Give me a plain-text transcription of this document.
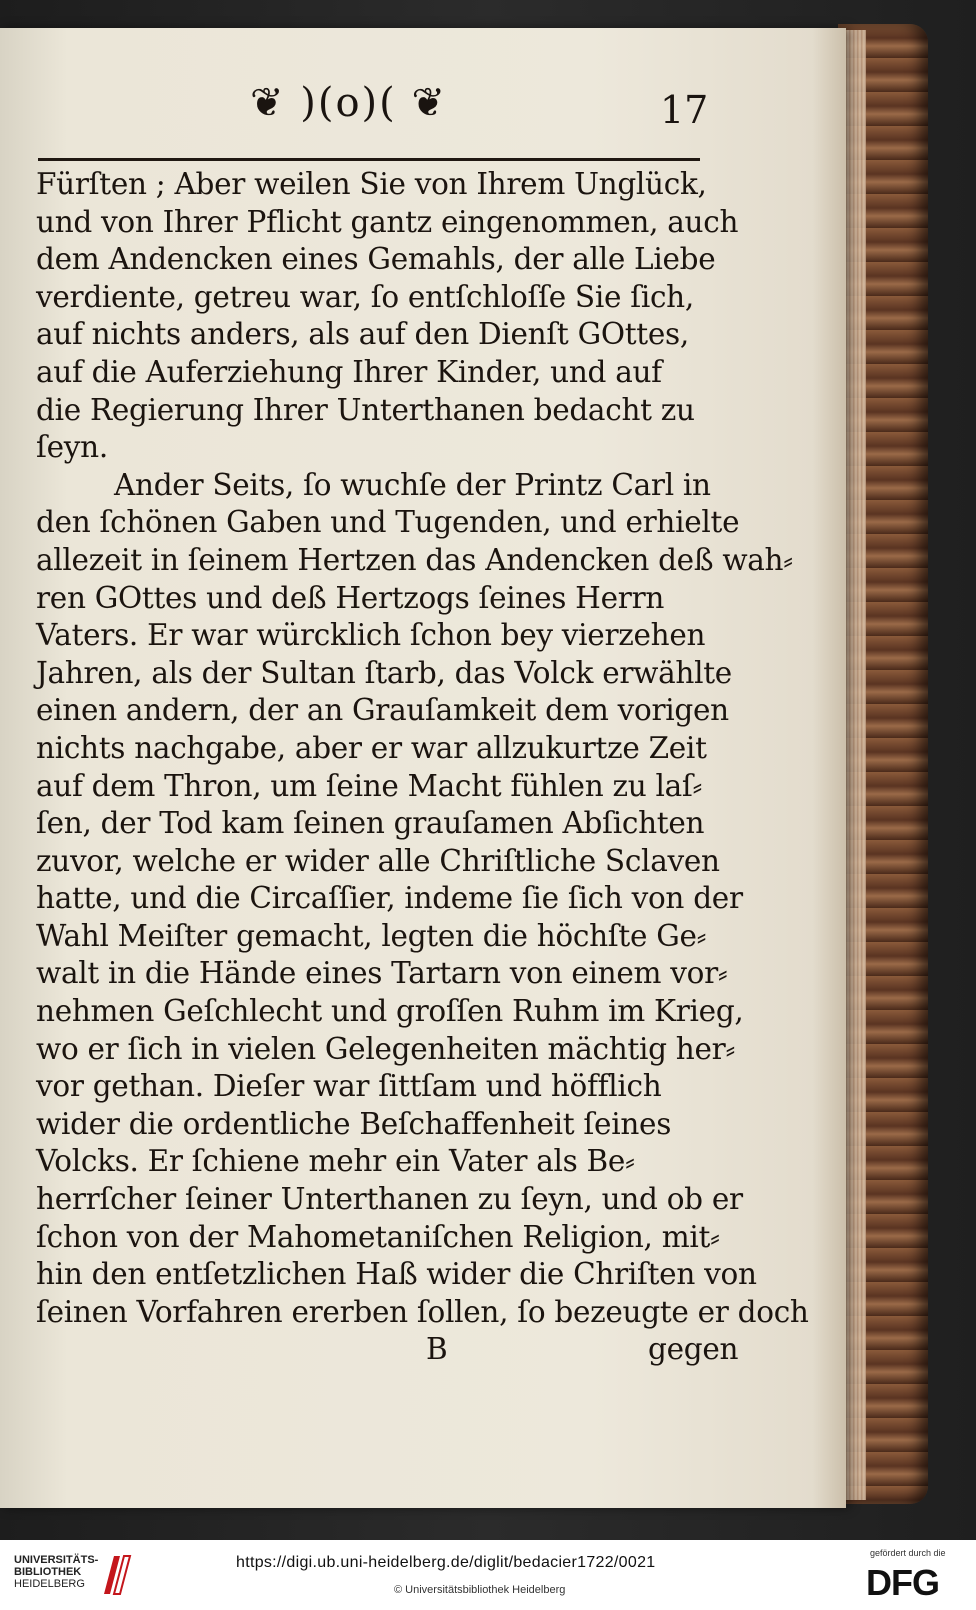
❦ )(o)( ❦	17
Fürſten ; Aber weilen Sie von Ihrem Unglück,
und von Ihrer Pflicht gantz eingenommen, auch
dem Andencken eines Gemahls, der alle Liebe
verdiente, getreu war, ſo entſchloſſe Sie ſich,
auf nichts anders, als auf den Dienſt GOttes,
auf die Auferziehung Ihrer Kinder, und auf
die Regierung Ihrer Unterthanen bedacht zu
ſeyn.
Ander Seits, ſo wuchſe der Printz Carl in
den ſchönen Gaben und Tugenden, und erhielte
allezeit in ſeinem Hertzen das Andencken deß wah⸗
ren GOttes und deß Hertzogs ſeines Herrn
Vaters. Er war würcklich ſchon bey vierzehen
Jahren, als der Sultan ſtarb, das Volck erwählte
einen andern, der an Grauſamkeit dem vorigen
nichts nachgabe, aber er war allzukurtze Zeit
auf dem Thron, um ſeine Macht fühlen zu laſ⸗
ſen, der Tod kam ſeinen grauſamen Abſichten
zuvor, welche er wider alle Chriſtliche Sclaven
hatte, und die Circaſſier, indeme ſie ſich von der
Wahl Meiſter gemacht, legten die höchſte Ge⸗
walt in die Hände eines Tartarn von einem vor⸗
nehmen Geſchlecht und groſſen Ruhm im Krieg,
wo er ſich in vielen Gelegenheiten mächtig her⸗
vor gethan. Dieſer war ſittſam und höfflich
wider die ordentliche Beſchaffenheit ſeines
Volcks. Er ſchiene mehr ein Vater als Be⸗
herrſcher ſeiner Unterthanen zu ſeyn, und ob er
ſchon von der Mahometaniſchen Religion, mit⸗
hin den entſetzlichen Haß wider die Chriſten von
ſeinen Vorfahren ererben ſollen, ſo bezeugte er doch
B	gegen
UNIVERSITÄTS-
BIBLIOTHEK
HEIDELBERG
https://digi.ub.uni-heidelberg.de/diglit/bedacier1722/0021
© Universitätsbibliothek Heidelberg
gefördert durch die
DFG
